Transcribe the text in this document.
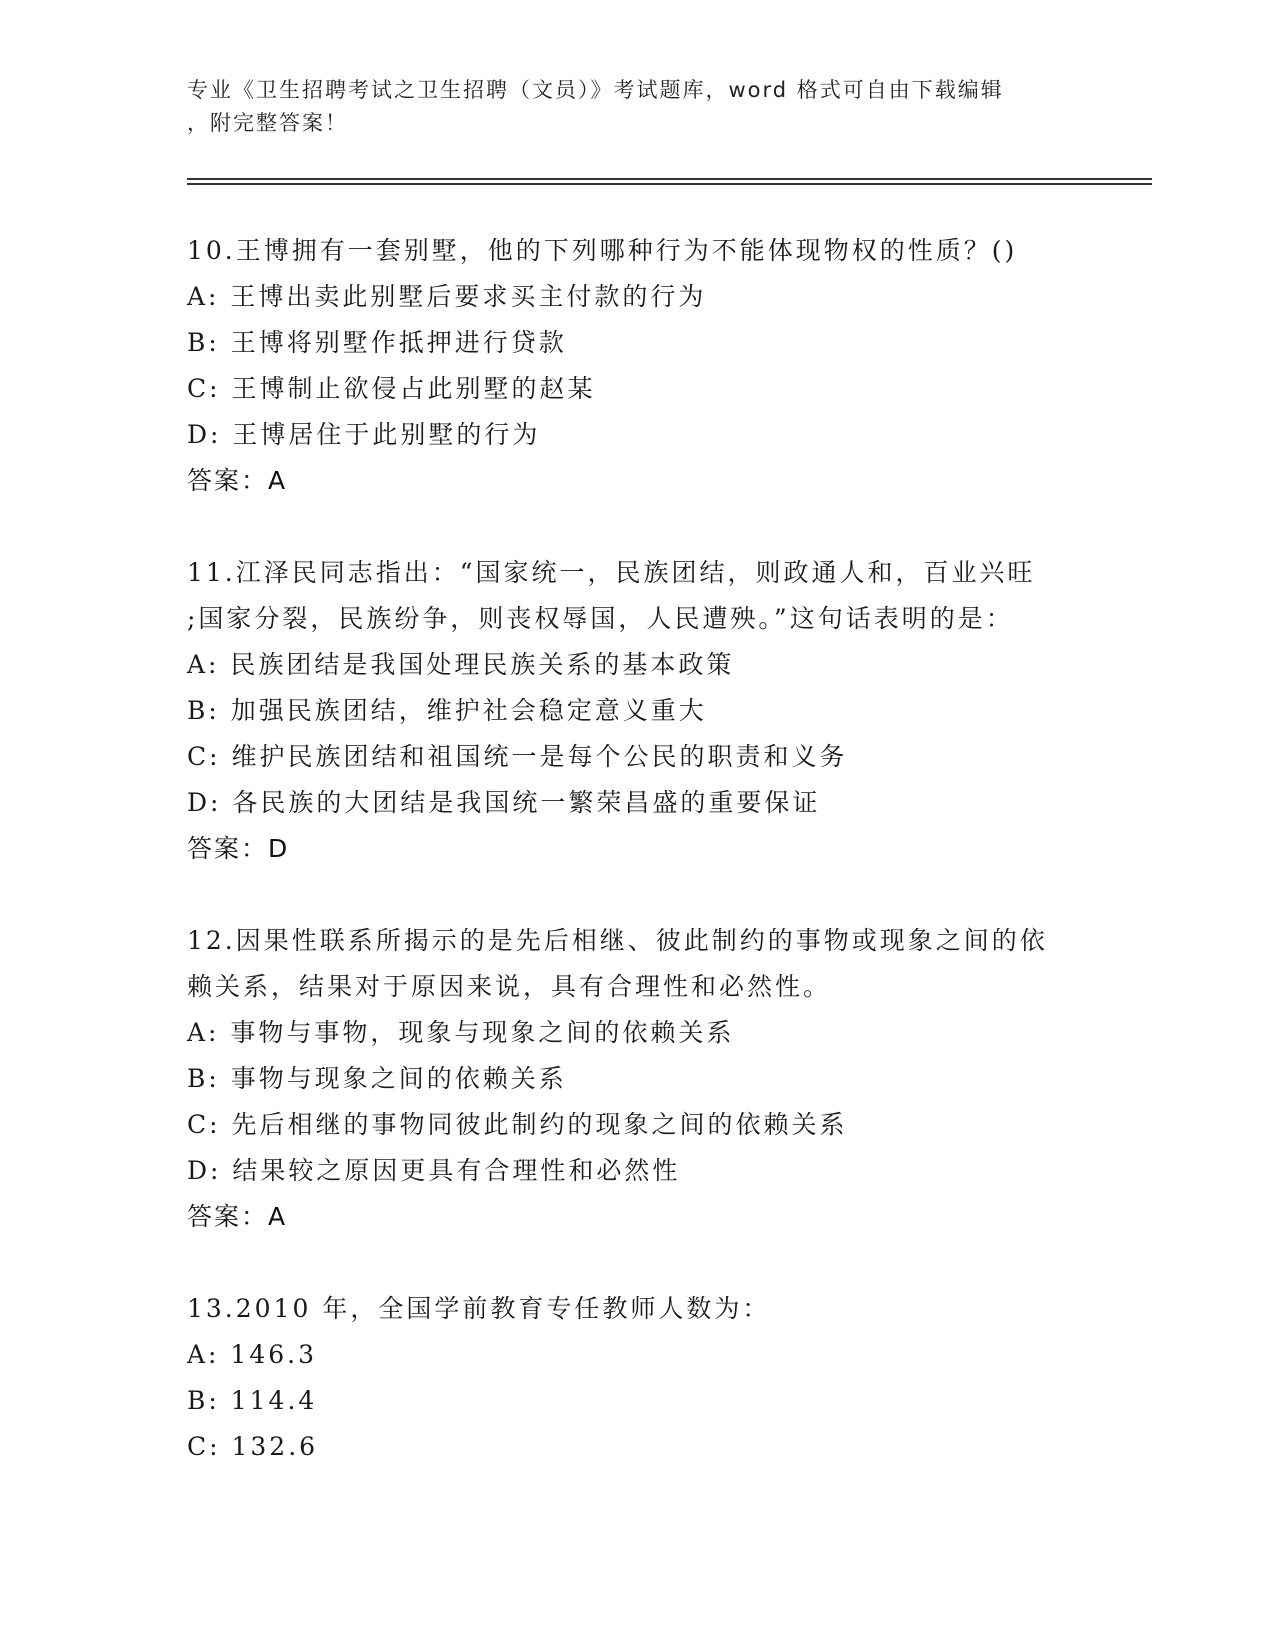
专业《卫生招聘考试之卫生招聘（文员）》考试题库，word 格式可自由下载编辑
，附完整答案！
10.王博拥有一套别墅，他的下列哪种行为不能体现物权的性质？()
A: 王博出卖此别墅后要求买主付款的行为
B: 王博将别墅作抵押进行贷款
C: 王博制止欲侵占此别墅的赵某
D: 王博居住于此别墅的行为
答案：A
11.江泽民同志指出：“国家统一，民族团结，则政通人和，百业兴旺
;国家分裂，民族纷争，则丧权辱国，人民遭殃。”这句话表明的是：
A: 民族团结是我国处理民族关系的基本政策
B: 加强民族团结，维护社会稳定意义重大
C: 维护民族团结和祖国统一是每个公民的职责和义务
D: 各民族的大团结是我国统一繁荣昌盛的重要保证
答案：D
12.因果性联系所揭示的是先后相继、彼此制约的事物或现象之间的依
赖关系，结果对于原因来说，具有合理性和必然性。
A: 事物与事物，现象与现象之间的依赖关系
B: 事物与现象之间的依赖关系
C: 先后相继的事物同彼此制约的现象之间的依赖关系
D: 结果较之原因更具有合理性和必然性
答案：A
13.2010 年，全国学前教育专任教师人数为：
A: 146.3
B: 114.4
C: 132.6
